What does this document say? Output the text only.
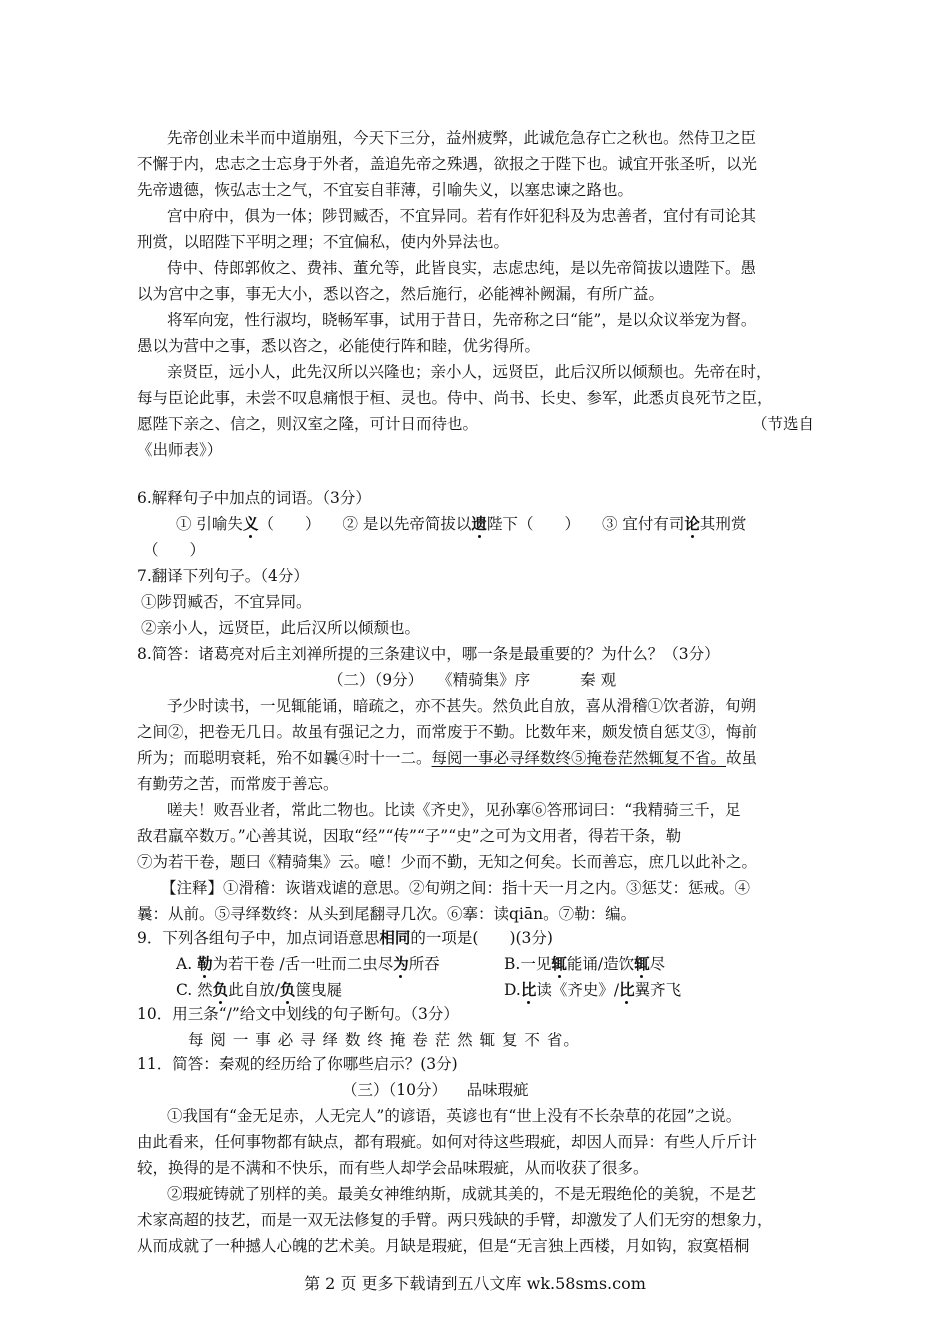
先帝创业未半而中道崩殂，今天下三分，益州疲弊，此诚危急存亡之秋也。然侍卫之臣
不懈于内，忠志之士忘身于外者，盖追先帝之殊遇，欲报之于陛下也。诚宜开张圣听，以光
先帝遗德，恢弘志士之气，不宜妄自菲薄，引喻失义，以塞忠谏之路也。
宫中府中，俱为一体；陟罚臧否，不宜异同。若有作奸犯科及为忠善者，宜付有司论其
刑赏，以昭陛下平明之理；不宜偏私，使内外异法也。
侍中、侍郎郭攸之、费祎、董允等，此皆良实，志虑忠纯，是以先帝简拔以遗陛下。愚
以为宫中之事，事无大小，悉以咨之，然后施行，必能裨补阙漏，有所广益。
将军向宠，性行淑均，晓畅军事，试用于昔日，先帝称之曰“能”，是以众议举宠为督。
愚以为营中之事，悉以咨之，必能使行阵和睦，优劣得所。
亲贤臣，远小人，此先汉所以兴隆也；亲小人，远贤臣，此后汉所以倾颓也。先帝在时，
每与臣论此事，未尝不叹息痛恨于桓、灵也。侍中、尚书、长史、参军，此悉贞良死节之臣，
愿陛下亲之、信之，则汉室之隆，可计日而待也。	（节选自
《出师表》）
6.解释句子中加点的词语。（3分）
① 引喻失义（　　） ② 是以先帝简拔以遗陛下（　　） ③ 宜付有司论其刑赏
（　　）
7.翻译下列句子。（4分）
①陟罚臧否，不宜异同。
②亲小人，远贤臣，此后汉所以倾颓也。
8.简答：诸葛亮对后主刘禅所提的三条建议中，哪一条是最重要的？为什么？（3分）
（二）（9分） 《精骑集》序	秦 观
予少时读书，一见辄能诵，暗疏之，亦不甚失。然负此自放，喜从滑稽①饮者游，旬朔
之间②，把卷无几日。故虽有强记之力，而常废于不勤。比数年来，颇发愤自惩艾③，悔前
所为；而聪明衰耗，殆不如曩④时十一二。每阅一事必寻绎数终⑤掩卷茫然辄复不省。故虽
有勤劳之苦，而常废于善忘。
嗟夫！败吾业者，常此二物也。比读《齐史》，见孙搴⑥答邢词曰：“我精骑三千，足
敌君羸卒数万。”心善其说，因取“经”“传”“子”“史”之可为文用者，得若干条，勒
⑦为若干卷，题曰《精骑集》云。噫！少而不勤，无知之何矣。长而善忘，庶几以此补之。
【注释】①滑稽：诙谐戏谑的意思。②旬朔之间：指十天一月之内。③惩艾：惩戒。④
曩：从前。⑤寻绎数终：从头到尾翻寻几次。⑥搴：读qiān。⑦勒：编。
9．下列各组句子中，加点词语意思相同的一项是(　　)(3分)
A. 勒为若干卷 /舌一吐而二虫尽为所吞	B.一见辄能诵/造饮辄尽
C. 然负此自放/负箧曳屣	D.比读《齐史》/比翼齐飞
10．用三条“/”给文中划线的句子断句。（3分）
每 阅 一 事 必 寻 绎 数 终 掩 卷 茫 然 辄 复 不 省。
11．简答：秦观的经历给了你哪些启示？(3分)
（三）（10分）    品味瑕疵
①我国有“金无足赤，人无完人”的谚语，英谚也有“世上没有不长杂草的花园”之说。
由此看来，任何事物都有缺点，都有瑕疵。如何对待这些瑕疵，却因人而异：有些人斤斤计
较，换得的是不满和不快乐，而有些人却学会品味瑕疵，从而收获了很多。
②瑕疵铸就了别样的美。最美女神维纳斯，成就其美的，不是无瑕绝伦的美貌，不是艺
术家高超的技艺，而是一双无法修复的手臂。两只残缺的手臂，却激发了人们无穷的想象力，
从而成就了一种撼人心魄的艺术美。月缺是瑕疵，但是“无言独上西楼，月如钩，寂寞梧桐
第 2 页 更多下载请到五八文库 wk.58sms.com
